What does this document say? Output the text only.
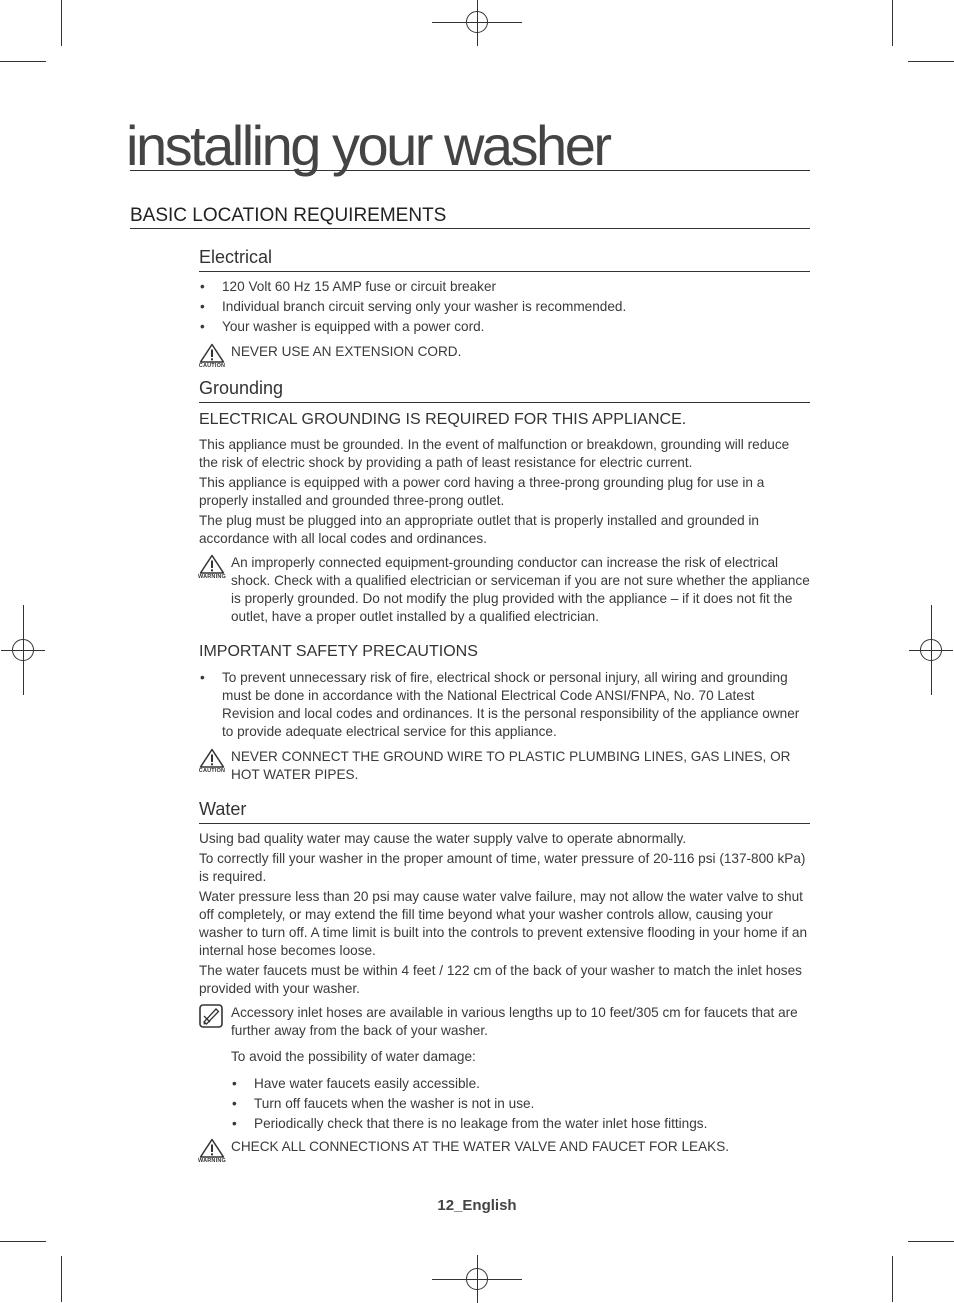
installing your washer
BASIC LOCATION REQUIREMENTS
Electrical
• 120 Volt 60 Hz 15 AMP fuse or circuit breaker
• Individual branch circuit serving only your washer is recommended.
• Your washer is equipped with a power cord.
CAUTION

NEVER USE AN EXTENSION CORD.

Grounding
ELECTRICAL GROUNDING IS REQUIRED FOR THIS APPLIANCE.

This appliance must be grounded. In the event of malfunction or breakdown, grounding will reduce the risk of electric shock by providing a path of least resistance for electric current.

This appliance is equipped with a power cord having a three-prong grounding plug for use in a properly installed and grounded three-prong outlet.

The plug must be plugged into an appropriate outlet that is properly installed and grounded in accordance with all local codes and ordinances.

WARNING

An improperly connected equipment-grounding conductor can increase the risk of electrical shock. Check with a qualified electrician or serviceman if you are not sure whether the appliance is properly grounded. Do not modify the plug provided with the appliance – if it does not fit the outlet, have a proper outlet installed by a qualified electrician.

IMPORTANT SAFETY PRECAUTIONS
• To prevent unnecessary risk of fire, electrical shock or personal injury, all wiring and grounding must be done in accordance with the National Electrical Code ANSI/FNPA, No. 70 Latest Revision and local codes and ordinances. It is the personal responsibility of the appliance owner to provide adequate electrical service for this appliance.
CAUTION

NEVER CONNECT THE GROUND WIRE TO PLASTIC PLUMBING LINES, GAS LINES, OR HOT WATER PIPES.

Water

Using bad quality water may cause the water supply valve to operate abnormally.

To correctly fill your washer in the proper amount of time, water pressure of 20-116 psi (137-800 kPa) is required.

Water pressure less than 20 psi may cause water valve failure, may not allow the water valve to shut off completely, or may extend the fill time beyond what your washer controls allow, causing your washer to turn off. A time limit is built into the controls to prevent extensive flooding in your home if an internal hose becomes loose.

The water faucets must be within 4 feet / 122 cm of the back of your washer to match the inlet hoses provided with your washer.

Accessory inlet hoses are available in various lengths up to 10 feet/305 cm for faucets that are further away from the back of your washer.

To avoid the possibility of water damage:

• Have water faucets easily accessible.
• Turn off faucets when the washer is not in use.
• Periodically check that there is no leakage from the water inlet hose fittings.
WARNING

CHECK ALL CONNECTIONS AT THE WATER VALVE AND FAUCET FOR LEAKS.

12_English
